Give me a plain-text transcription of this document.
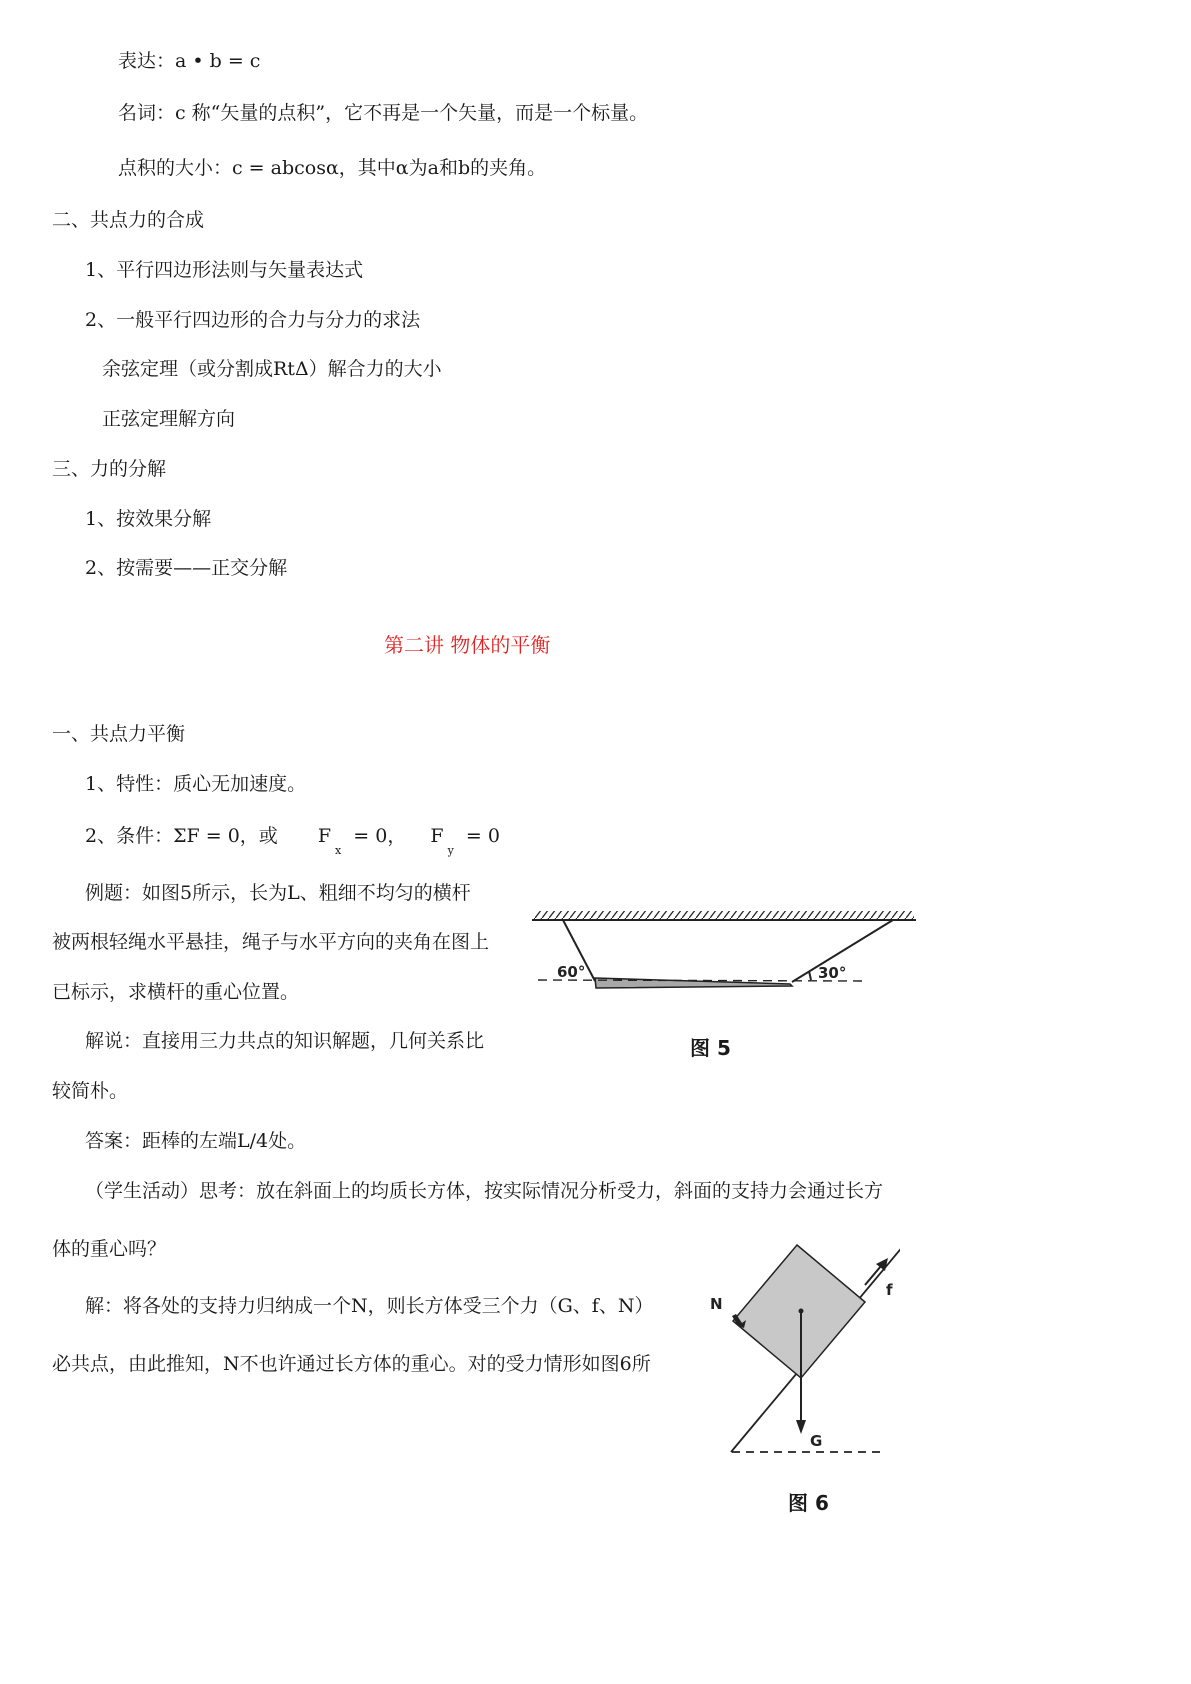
表达：a • b = c
名词：c 称“矢量的点积”，它不再是一个矢量，而是一个标量。
点积的大小：c = abcosα，其中α为a和b的夹角。
二、共点力的合成
1、平行四边形法则与矢量表达式
2、一般平行四边形的合力与分力的求法
余弦定理（或分割成RtΔ）解合力的大小
正弦定理解方向
三、力的分解
1、按效果分解
2、按需要——正交分解
第二讲 物体的平衡
一、共点力平衡
1、特性：质心无加速度。
2、条件：ΣF = 0，或 $F_x = 0$， $F_y = 0$
例题：如图5所示，长为L、粗细不均匀的横杆
被两根轻绳水平悬挂，绳子与水平方向的夹角在图上
已标示，求横杆的重心位置。
解说：直接用三力共点的知识解题，几何关系比
较简朴。
答案：距棒的左端L/4处。
（学生活动）思考：放在斜面上的均质长方体，按实际情况分析受力，斜面的支持力会通过长方
体的重心吗？
解：将各处的支持力归纳成一个N，则长方体受三个力（G、f、N）
必共点，由此推知，N不也许通过长方体的重心。对的受力情形如图6所
60°	30°
图 5
N
f
G
图 6
